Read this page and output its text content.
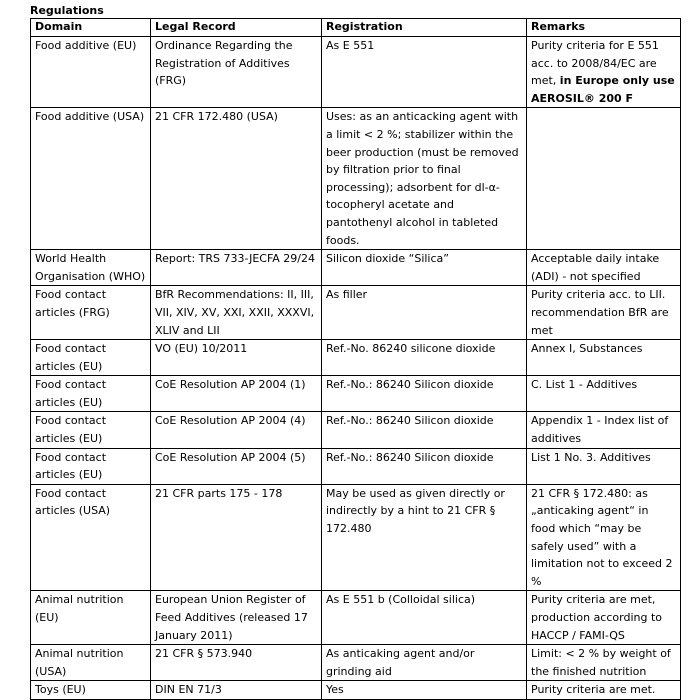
Regulations
Domain	Legal Record	Registration	Remarks
Food additive (EU)	Ordinance Regarding the Registration of Additives (FRG)	As E 551	Purity criteria for E 551 acc. to 2008/84/EC are met, in Europe only use AEROSIL® 200 F
Food additive (USA)	21 CFR 172.480 (USA)	Uses: as an anticacking agent with a limit < 2 %; stabilizer within the beer production (must be removed by filtration prior to final processing); adsorbent for dl-α-tocopheryl acetate and pantothenyl alcohol in tableted foods.	
World Health Organisation (WHO)	Report: TRS 733-JECFA 29/24	Silicon dioxide “Silica”	Acceptable daily intake (ADI) - not specified
Food contact articles (FRG)	BfR Recommendations: II, III, VII, XIV, XV, XXI, XXII, XXXVI, XLIV and LII	As filler	Purity criteria acc. to LII. recommendation BfR are met
Food contact articles (EU)	VO (EU) 10/2011	Ref.-No. 86240 silicone dioxide	Annex I, Substances
Food contact articles (EU)	CoE Resolution AP 2004 (1)	Ref.-No.: 86240 Silicon dioxide	C. List 1 - Additives
Food contact articles (EU)	CoE Resolution AP 2004 (4)	Ref.-No.: 86240 Silicon dioxide	Appendix 1 - Index list of additives
Food contact articles (EU)	CoE Resolution AP 2004 (5)	Ref.-No.: 86240 Silicon dioxide	List 1 No. 3. Additives
Food contact articles (USA)	21 CFR parts 175 - 178	May be used as given directly or indirectly by a hint to 21 CFR § 172.480	21 CFR § 172.480: as „anticaking agent“ in food which “may be safely used” with a limitation not to exceed 2 %
Animal nutrition (EU)	European Union Register of Feed Additives (released 17 January 2011)	As E 551 b (Colloidal silica)	Purity criteria are met, production according to HACCP / FAMI-QS
Animal nutrition (USA)	21 CFR § 573.940	As anticaking agent and/or grinding aid	Limit: < 2 % by weight of the finished nutrition
Toys (EU)	DIN EN 71/3	Yes	Purity criteria are met.
